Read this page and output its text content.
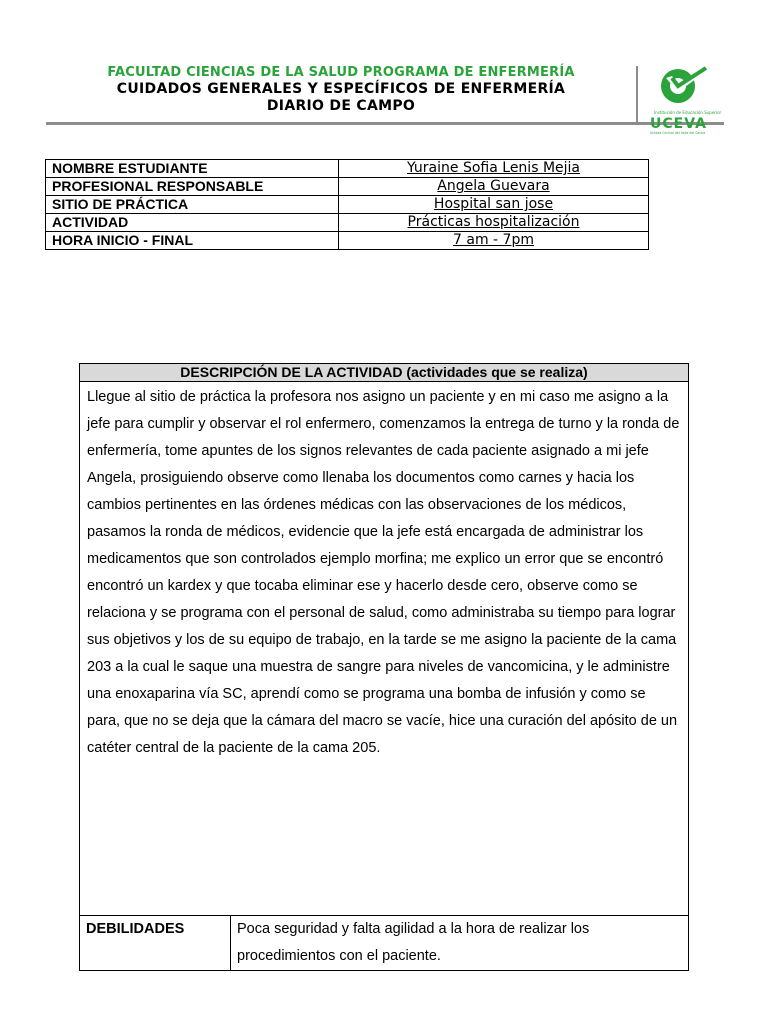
FACULTAD CIENCIAS DE LA SALUD PROGRAMA DE ENFERMERÍA
CUIDADOS GENERALES Y ESPECÍFICOS DE ENFERMERÍA
DIARIO DE CAMPO	Institución de Educación Superior
UCEVA
Unidad Central del Valle del Cauca
NOMBRE ESTUDIANTE	Yuraine Sofia Lenis Mejia
PROFESIONAL RESPONSABLE	Angela Guevara
SITIO DE PRÁCTICA	Hospital san jose
ACTIVIDAD	Prácticas hospitalización
HORA INICIO - FINAL	7 am - 7pm
DESCRIPCIÓN DE LA ACTIVIDAD (actividades que se realiza)
Llegue al sitio de práctica la profesora nos asigno un paciente y en mi caso me asigno a la jefe para cumplir y observar el rol enfermero, comenzamos la entrega de turno y la ronda de enfermería, tome apuntes de los signos relevantes de cada paciente asignado a mi jefe Angela, prosiguiendo observe como llenaba los documentos como carnes y hacia los cambios pertinentes en las órdenes médicas con las observaciones de los médicos, pasamos la ronda de médicos, evidencie que la jefe está encargada de administrar los medicamentos que son controlados ejemplo morfina; me explico un error que se encontró encontró un kardex y que tocaba eliminar ese y hacerlo desde cero, observe como se relaciona y se programa con el personal de salud, como administraba su tiempo para lograr sus objetivos y los de su equipo de trabajo, en la tarde se me asigno la paciente de la cama 203 a la cual le saque una muestra de sangre para niveles de vancomicina, y le administre una enoxaparina vía SC, aprendí como se programa una bomba de infusión y como se para, que no se deja que la cámara del macro se vacíe, hice una curación del apósito de un catéter central de la paciente de la cama 205.
DEBILIDADES	Poca seguridad y falta agilidad a la hora de realizar los procedimientos con el paciente.
